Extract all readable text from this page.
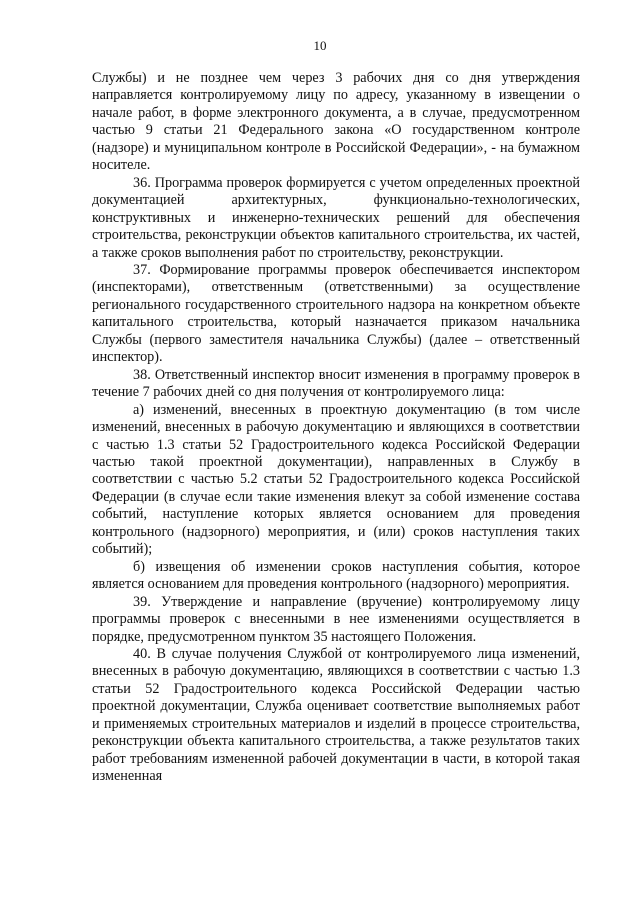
10

Службы) и не позднее чем через 3 рабочих дня со дня утверждения направляется контролируемому лицу по адресу, указанному в извещении о начале работ, в форме электронного документа, а в случае, предусмотренном частью 9 статьи 21 Федерального закона «О государственном контроле (надзоре) и муниципальном контроле в Российской Федерации», - на бумажном носителе.

36. Программа проверок формируется с учетом определенных проектной документацией архитектурных, функционально-технологических, конструктивных и инженерно-технических решений для обеспечения строительства, реконструкции объектов капитального строительства, их частей, а также сроков выполнения работ по строительству, реконструкции.

37. Формирование программы проверок обеспечивается инспектором (инспекторами), ответственным (ответственными) за осуществление регионального государственного строительного надзора на конкретном объекте капитального строительства, который назначается приказом начальника Службы (первого заместителя начальника Службы) (далее – ответственный инспектор).

38. Ответственный инспектор вносит изменения в программу проверок в течение 7 рабочих дней со дня получения от контролируемого лица:

а) изменений, внесенных в проектную документацию (в том числе изменений, внесенных в рабочую документацию и являющихся в соответствии с частью 1.3 статьи 52 Градостроительного кодекса Российской Федерации частью такой проектной документации), направленных в Службу в соответствии с частью 5.2 статьи 52 Градостроительного кодекса Российской Федерации (в случае если такие изменения влекут за собой изменение состава событий, наступление которых является основанием для проведения контрольного (надзорного) мероприятия, и (или) сроков наступления таких событий);

б) извещения об изменении сроков наступления события, которое является основанием для проведения контрольного (надзорного) мероприятия.

39. Утверждение и направление (вручение) контролируемому лицу программы проверок с внесенными в нее изменениями осуществляется в порядке, предусмотренном пунктом 35 настоящего Положения.

40. В случае получения Службой от контролируемого лица изменений, внесенных в рабочую документацию, являющихся в соответствии с частью 1.3 статьи 52 Градостроительного кодекса Российской Федерации частью проектной документации, Служба оценивает соответствие выполняемых работ и применяемых строительных материалов и изделий в процессе строительства, реконструкции объекта капитального строительства, а также результатов таких работ требованиям измененной рабочей документации в части, в которой такая измененная
